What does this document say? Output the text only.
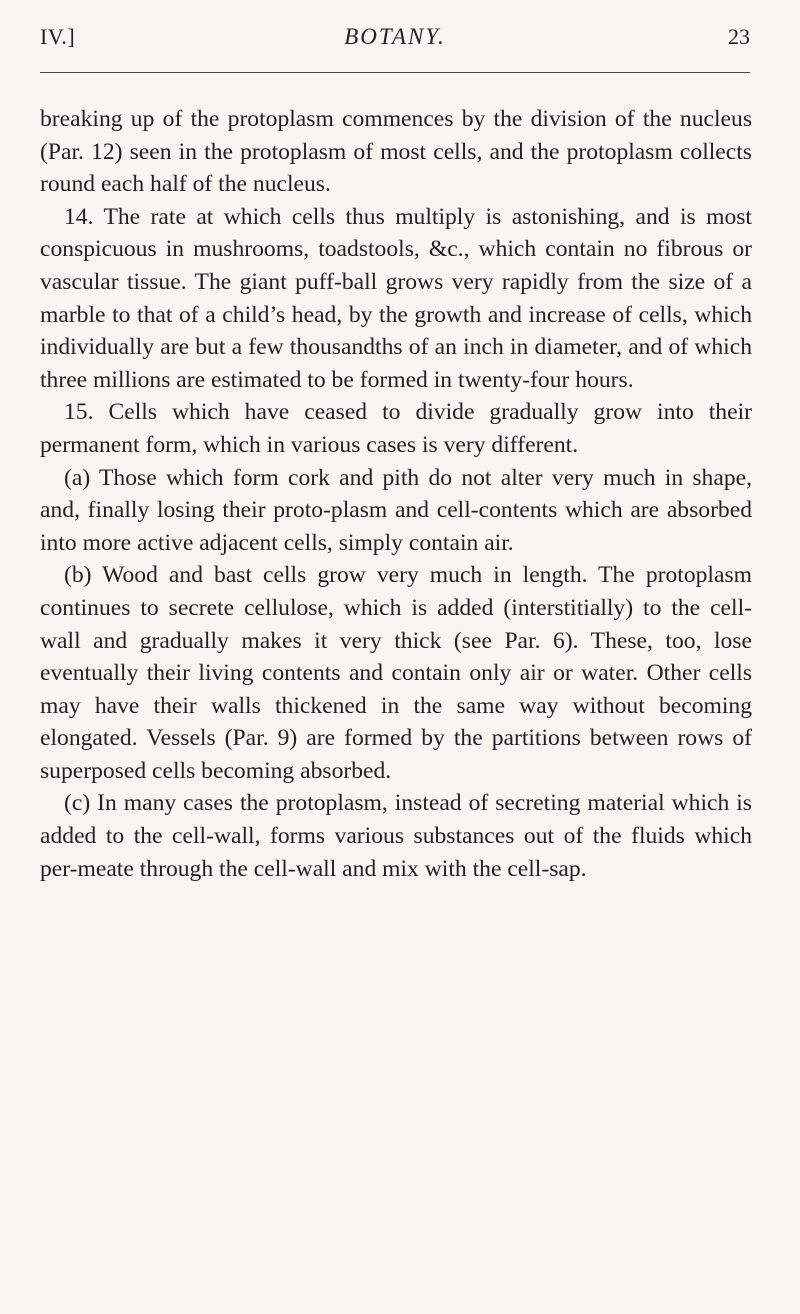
IV.]	BOTANY.	23

breaking up of the protoplasm commences by the division of the nucleus (Par. 12) seen in the protoplasm of most cells, and the protoplasm collects round each half of the nucleus.

14. The rate at which cells thus multiply is astonishing, and is most conspicuous in mushrooms, toadstools, &c., which contain no fibrous or vascular tissue. The giant puff-ball grows very rapidly from the size of a marble to that of a child’s head, by the growth and increase of cells, which individually are but a few thousandths of an inch in diameter, and of which three millions are estimated to be formed in twenty-four hours.

15. Cells which have ceased to divide gradually grow into their permanent form, which in various cases is very different.

(a) Those which form cork and pith do not alter very much in shape, and, finally losing their proto-plasm and cell-contents which are absorbed into more active adjacent cells, simply contain air.

(b) Wood and bast cells grow very much in length. The protoplasm continues to secrete cellulose, which is added (interstitially) to the cell-wall and gradually makes it very thick (see Par. 6). These, too, lose eventually their living contents and contain only air or water. Other cells may have their walls thickened in the same way without becoming elongated. Vessels (Par. 9) are formed by the partitions between rows of superposed cells becoming absorbed.

(c) In many cases the protoplasm, instead of secreting material which is added to the cell-wall, forms various substances out of the fluids which per-meate through the cell-wall and mix with the cell-sap.
